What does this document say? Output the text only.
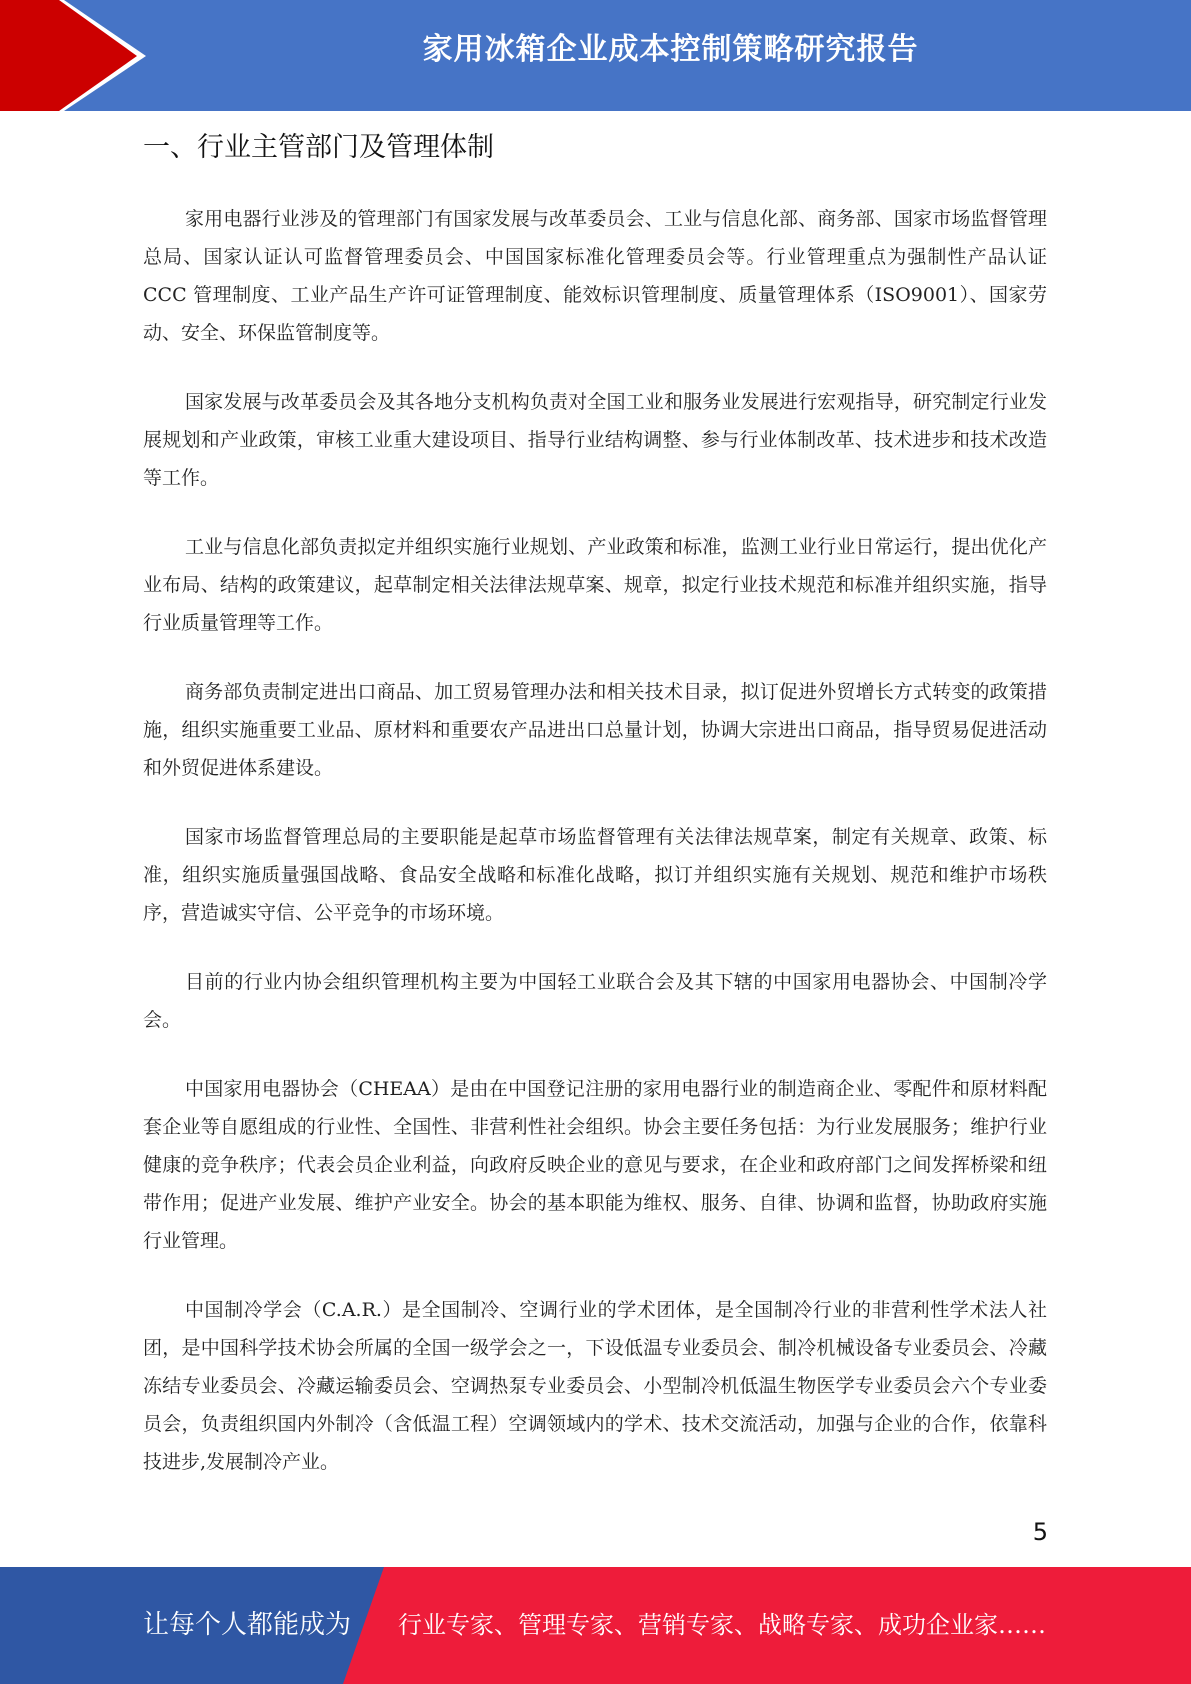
家用冰箱企业成本控制策略研究报告
一、行业主管部门及管理体制

家用电器行业涉及的管理部门有国家发展与改革委员会、工业与信息化部、商务部、国家市场监督管理总局、国家认证认可监督管理委员会、中国国家标准化管理委员会等。行业管理重点为强制性产品认证 CCC 管理制度、工业产品生产许可证管理制度、能效标识管理制度、质量管理体系（ISO9001）、国家劳动、安全、环保监管制度等。

国家发展与改革委员会及其各地分支机构负责对全国工业和服务业发展进行宏观指导，研究制定行业发展规划和产业政策，审核工业重大建设项目、指导行业结构调整、参与行业体制改革、技术进步和技术改造等工作。

工业与信息化部负责拟定并组织实施行业规划、产业政策和标准，监测工业行业日常运行，提出优化产业布局、结构的政策建议，起草制定相关法律法规草案、规章，拟定行业技术规范和标准并组织实施，指导行业质量管理等工作。

商务部负责制定进出口商品、加工贸易管理办法和相关技术目录，拟订促进外贸增长方式转变的政策措施，组织实施重要工业品、原材料和重要农产品进出口总量计划，协调大宗进出口商品，指导贸易促进活动和外贸促进体系建设。

国家市场监督管理总局的主要职能是起草市场监督管理有关法律法规草案，制定有关规章、政策、标准，组织实施质量强国战略、食品安全战略和标准化战略，拟订并组织实施有关规划、规范和维护市场秩序，营造诚实守信、公平竞争的市场环境。

目前的行业内协会组织管理机构主要为中国轻工业联合会及其下辖的中国家用电器协会、中国制冷学会。

中国家用电器协会（CHEAA）是由在中国登记注册的家用电器行业的制造商企业、零配件和原材料配套企业等自愿组成的行业性、全国性、非营利性社会组织。协会主要任务包括：为行业发展服务；维护行业健康的竞争秩序；代表会员企业利益，向政府反映企业的意见与要求，在企业和政府部门之间发挥桥梁和纽带作用；促进产业发展、维护产业安全。协会的基本职能为维权、服务、自律、协调和监督，协助政府实施行业管理。

中国制冷学会（C.A.R.）是全国制冷、空调行业的学术团体，是全国制冷行业的非营利性学术法人社团，是中国科学技术协会所属的全国一级学会之一，下设低温专业委员会、制冷机械设备专业委员会、冷藏冻结专业委员会、冷藏运输委员会、空调热泵专业委员会、小型制冷机低温生物医学专业委员会六个专业委员会，负责组织国内外制冷（含低温工程）空调领域内的学术、技术交流活动，加强与企业的合作，依靠科技进步,发展制冷产业。

5
让每个人都能成为 行业专家、管理专家、营销专家、战略专家、成功企业家……
